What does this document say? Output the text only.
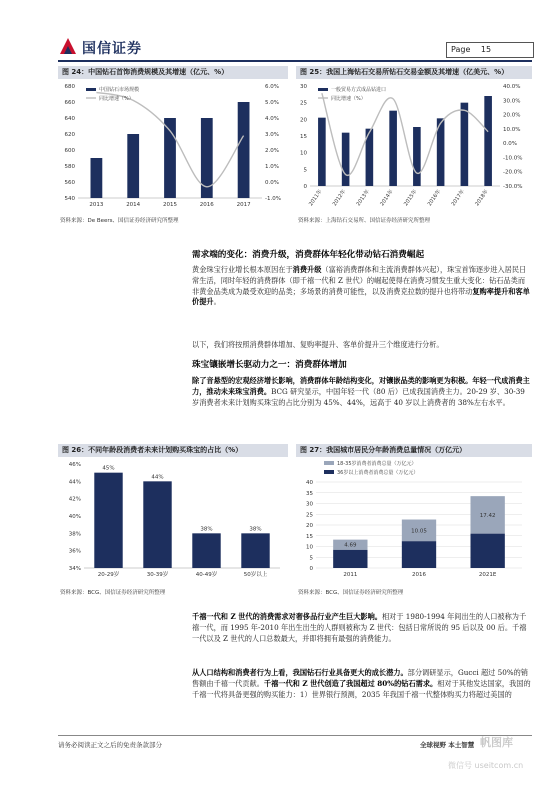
国信证券	Page 15
图 24：中国钻石首饰消费规模及其增速（亿元、%）
540
560
580
600
620
640
660
680
-1.0%
0.0%
1.0%
2.0%
3.0%
4.0%
5.0%
6.0%
2013	2014	2015	2016	2017
中国钻石市场规模
同比增速（%）
资料来源：De Beers、国信证券经济研究所整理
图 25：我国上海钻石交易所钻石交易金额及其增速（亿美元、%）
0
5
10
15
20
25
30
-30.0%
-20.0%
-10.0%
0.0%
10.0%
20.0%
30.0%
40.0%
2011年	2012年	2013年	2014年	2015年	2016年	2017年	2018年
一般贸易方式成品钻进口
同比增速（%）
资料来源：上海钻石交易所、国信证券经济研究所整理
需求端的变化：消费升级，消费群体年轻化带动钻石消费崛起
黄金珠宝行业增长根本原因在于消费升级（富裕消费群体和主流消费群体兴起），珠宝首饰逐步进入居民日常生活，同时年轻的消费群体（即千禧一代和 Z 世代）的崛起使得在消费习惯发生重大变化：钻石品类而非黄金品类成为最受欢迎的品类；多场景的消费可能性，以及消费克拉数的提升也将带动复购率提升和客单价提升。
以下，我们将按照消费群体增加、复购率提升、客单价提升三个维度进行分析。
珠宝镶嵌增长驱动力之一：消费群体增加
除了音悬型的宏观经济增长影响，消费群体年龄结构变化，对镶嵌品类的影响更为积极。年轻一代成消费主力，推动未来珠宝消费。BCG 研究显示，中国年轻一代（80 后）已成我国消费主力。20-29 岁、30-39 岁消费者未来计划购买珠宝的占比分别为 45%、44%，远高于 40 岁以上消费者的 38%左右水平。
图 26：不同年龄段消费者未来计划购买珠宝的占比（%）
34%
36%
38%
40%
42%
44%
46%
45%
20-29岁
44%
30-39岁
38%
40-49岁
38%
50岁以上
资料来源：BCG、国信证券经济研究所整理
图 27：我国城市居民分年龄消费总量情况（万亿元）
0
5
10
15
20
25
30
35
40
4.69
2011
10.05
2016
17.42
2021E
18-35岁消费者消费总量（万亿元）
36岁以上消费者消费总量（万亿元）
资料来源：BCG、国信证券经济研究所整理
千禧一代和 Z 世代的消费需求对奢侈品行业产生巨大影响。相对于 1980-1994 年间出生的人口被称为千禧一代，而 1995 年-2010 年出生出生的人群则被称为 Z 世代：包括日常所说的 95 后以及 00 后。千禧一代以及 Z 世代的人口总数最大，并即将拥有最强的消费能力。
从人口结构和消费者行为上看，我国钻石行业具备更大的成长潜力。部分调研显示，Gucci 超过 50%的销售额由千禧一代贡献。千禧一代和 Z 世代创造了我国超过 80%的钻石需求。相对于其他发达国家，我国的千禧一代将具备更强的购买能力：1）世界银行预测，2035 年我国千禧一代整体购买力将超过美国的
请务必阅读正文之后的免责条款部分	全球视野 本土智慧 帆图库
微信号 useitcom.cn
